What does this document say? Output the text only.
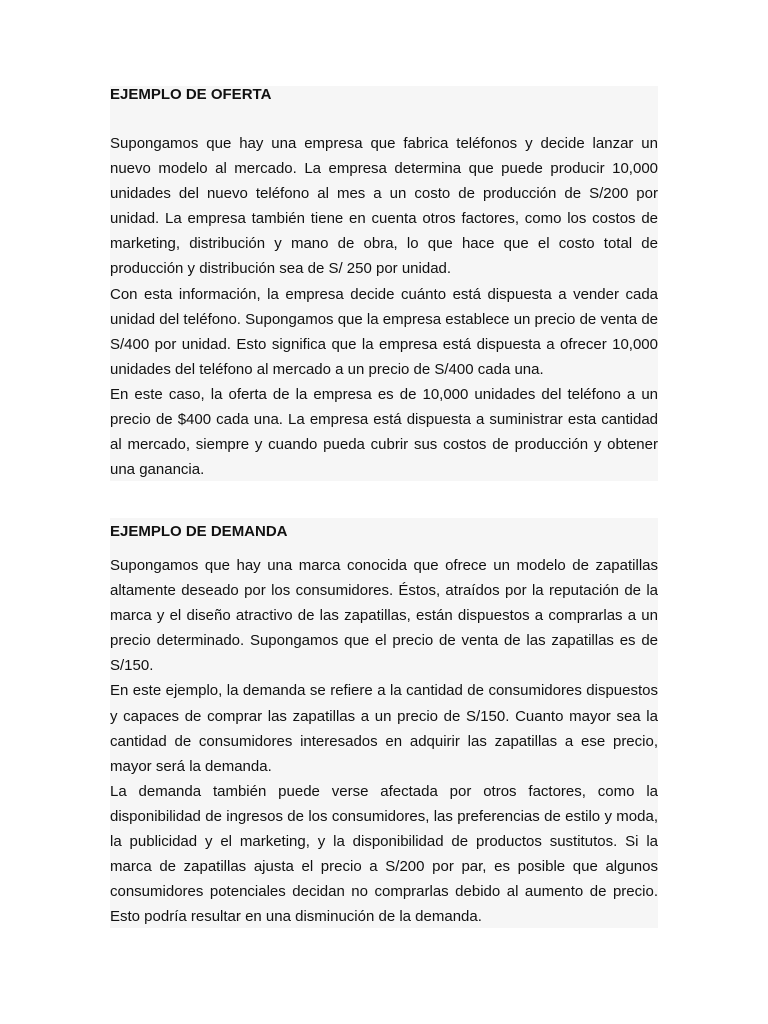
EJEMPLO DE OFERTA

Supongamos que hay una empresa que fabrica teléfonos y decide lanzar un nuevo modelo al mercado. La empresa determina que puede producir 10,000 unidades del nuevo teléfono al mes a un costo de producción de S/200 por unidad. La empresa también tiene en cuenta otros factores, como los costos de marketing, distribución y mano de obra, lo que hace que el costo total de producción y distribución sea de S/ 250 por unidad.

Con esta información, la empresa decide cuánto está dispuesta a vender cada unidad del teléfono. Supongamos que la empresa establece un precio de venta de S/400 por unidad. Esto significa que la empresa está dispuesta a ofrecer 10,000 unidades del teléfono al mercado a un precio de S/400 cada una.

En este caso, la oferta de la empresa es de 10,000 unidades del teléfono a un precio de $400 cada una. La empresa está dispuesta a suministrar esta cantidad al mercado, siempre y cuando pueda cubrir sus costos de producción y obtener una ganancia.

EJEMPLO DE DEMANDA

Supongamos que hay una marca conocida que ofrece un modelo de zapatillas altamente deseado por los consumidores. Éstos, atraídos por la reputación de la marca y el diseño atractivo de las zapatillas, están dispuestos a comprarlas a un precio determinado. Supongamos que el precio de venta de las zapatillas es de S/150.

En este ejemplo, la demanda se refiere a la cantidad de consumidores dispuestos y capaces de comprar las zapatillas a un precio de S/150. Cuanto mayor sea la cantidad de consumidores interesados en adquirir las zapatillas a ese precio, mayor será la demanda.

La demanda también puede verse afectada por otros factores, como la disponibilidad de ingresos de los consumidores, las preferencias de estilo y moda, la publicidad y el marketing, y la disponibilidad de productos sustitutos. Si la marca de zapatillas ajusta el precio a S/200 por par, es posible que algunos consumidores potenciales decidan no comprarlas debido al aumento de precio. Esto podría resultar en una disminución de la demanda.
